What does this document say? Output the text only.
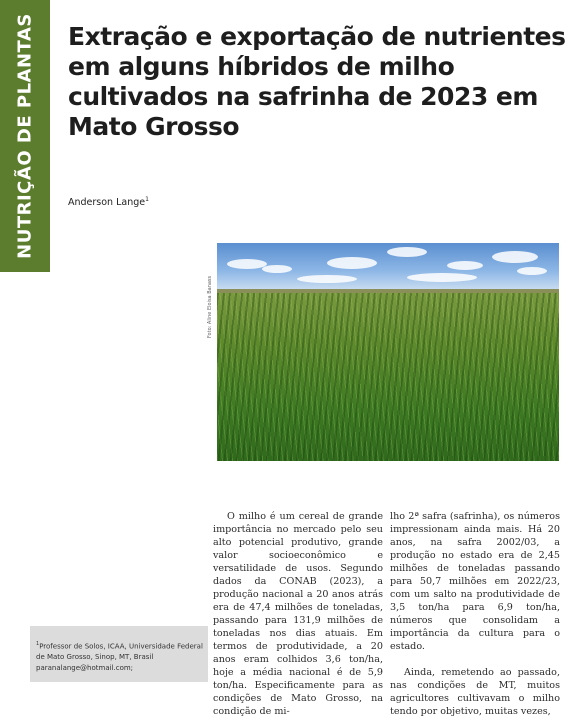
NUTRIÇÃO DE PLANTAS Extração e exportação de nutrientes em alguns híbridos de milho cultivados na safrinha de 2023 em Mato Grosso
Anderson Lange$^1$
Foto: Aline Eloisa Banass
$^1$Professor de Solos, ICAA, Universidade Federal
de Mato Grosso, Sinop, MT, Brasil
paranalange@hotmail.com;

O milho é um cereal de grande importância no mercado pelo seu alto potencial produtivo, grande valor socioeconômico e versatilidade de usos. Segundo dados da CONAB (2023), a produção nacional a 20 anos atrás era de 47,4 milhões de toneladas, passando para 131,9 milhões de toneladas nos dias atuais. Em termos de produtividade, a 20 anos eram colhidos 3,6 ton/ha, hoje a média nacional é de 5,9 ton/ha. Especificamente para as condições de Mato Grosso, na condição de mi-

lho 2ª safra (safrinha), os números impressionam ainda mais. Há 20 anos, na safra 2002/03, a produção no estado era de 2,45 milhões de toneladas passando para 50,7 milhões em 2022/23, com um salto na produtividade de 3,5 ton/ha para 6,9 ton/ha, números que consolidam a importância da cultura para o estado.

Ainda, remetendo ao passado, nas condições de MT, muitos agricultores cultivavam o milho tendo por objetivo, muitas vezes,
